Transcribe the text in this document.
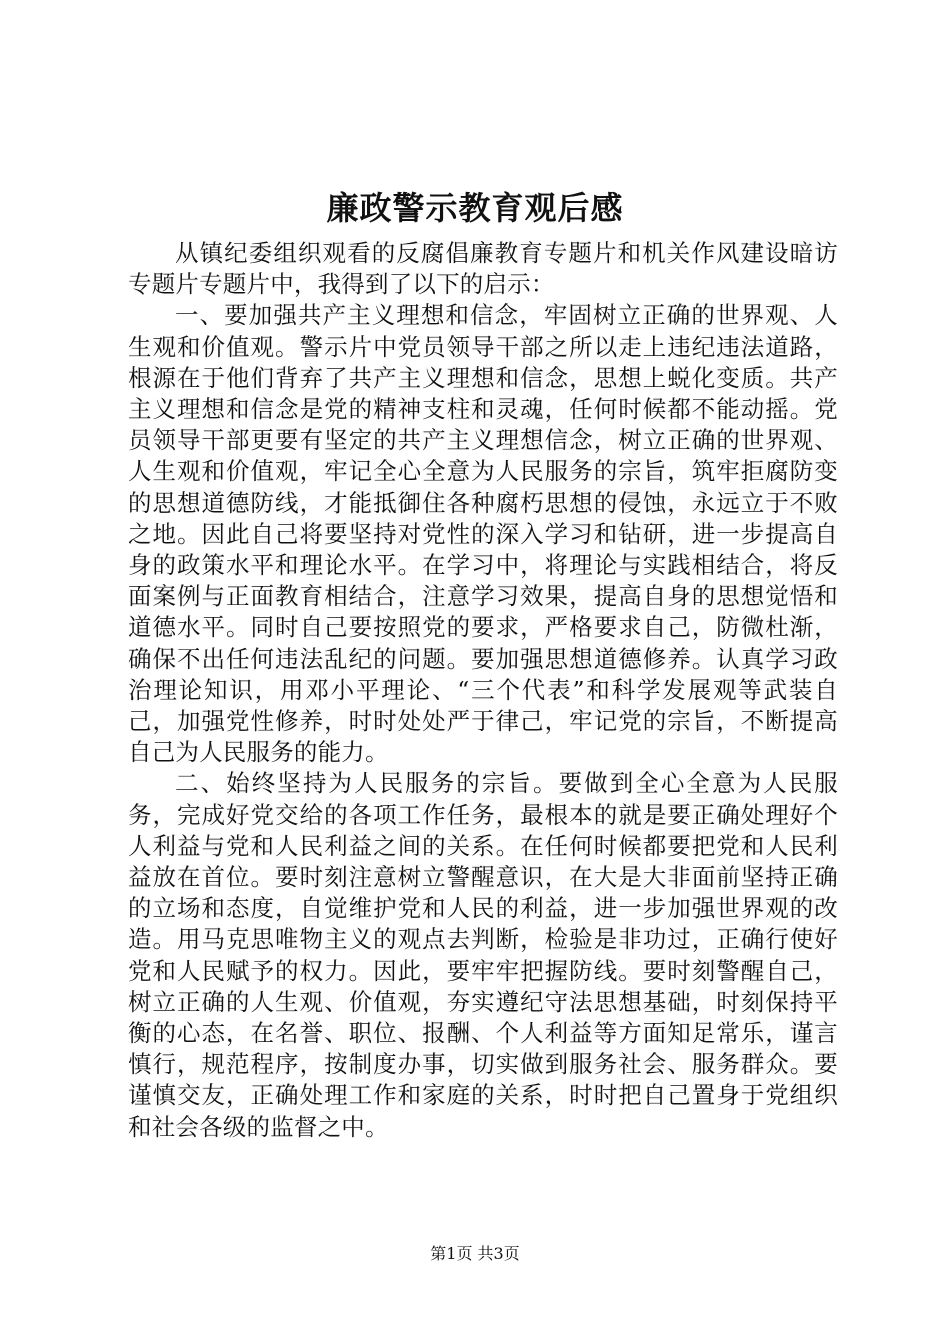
廉政警示教育观后感

从镇纪委组织观看的反腐倡廉教育专题片和机关作风建设暗访专题片专题片中，我得到了以下的启示：

一、要加强共产主义理想和信念，牢固树立正确的世界观、人生观和价值观。警示片中党员领导干部之所以走上违纪违法道路，根源在于他们背弃了共产主义理想和信念，思想上蜕化变质。共产主义理想和信念是党的精神支柱和灵魂，任何时候都不能动摇。党员领导干部更要有坚定的共产主义理想信念，树立正确的世界观、人生观和价值观，牢记全心全意为人民服务的宗旨，筑牢拒腐防变的思想道德防线，才能抵御住各种腐朽思想的侵蚀，永远立于不败之地。因此自己将要坚持对党性的深入学习和钻研，进一步提高自身的政策水平和理论水平。在学习中，将理论与实践相结合，将反面案例与正面教育相结合，注意学习效果，提高自身的思想觉悟和道德水平。同时自己要按照党的要求，严格要求自己，防微杜渐，确保不出任何违法乱纪的问题。要加强思想道德修养。认真学习政治理论知识，用邓小平理论、“三个代表”和科学发展观等武装自己，加强党性修养，时时处处严于律己，牢记党的宗旨，不断提高自己为人民服务的能力。

二、始终坚持为人民服务的宗旨。要做到全心全意为人民服务，完成好党交给的各项工作任务，最根本的就是要正确处理好个人利益与党和人民利益之间的关系。在任何时候都要把党和人民利益放在首位。要时刻注意树立警醒意识，在大是大非面前坚持正确的立场和态度，自觉维护党和人民的利益，进一步加强世界观的改造。用马克思唯物主义的观点去判断，检验是非功过，正确行使好党和人民赋予的权力。因此，要牢牢把握防线。要时刻警醒自己，树立正确的人生观、价值观，夯实遵纪守法思想基础，时刻保持平衡的心态，在名誉、职位、报酬、个人利益等方面知足常乐，谨言慎行，规范程序，按制度办事，切实做到服务社会、服务群众。要谨慎交友，正确处理工作和家庭的关系，时时把自己置身于党组织和社会各级的监督之中。

第1页 共3页
